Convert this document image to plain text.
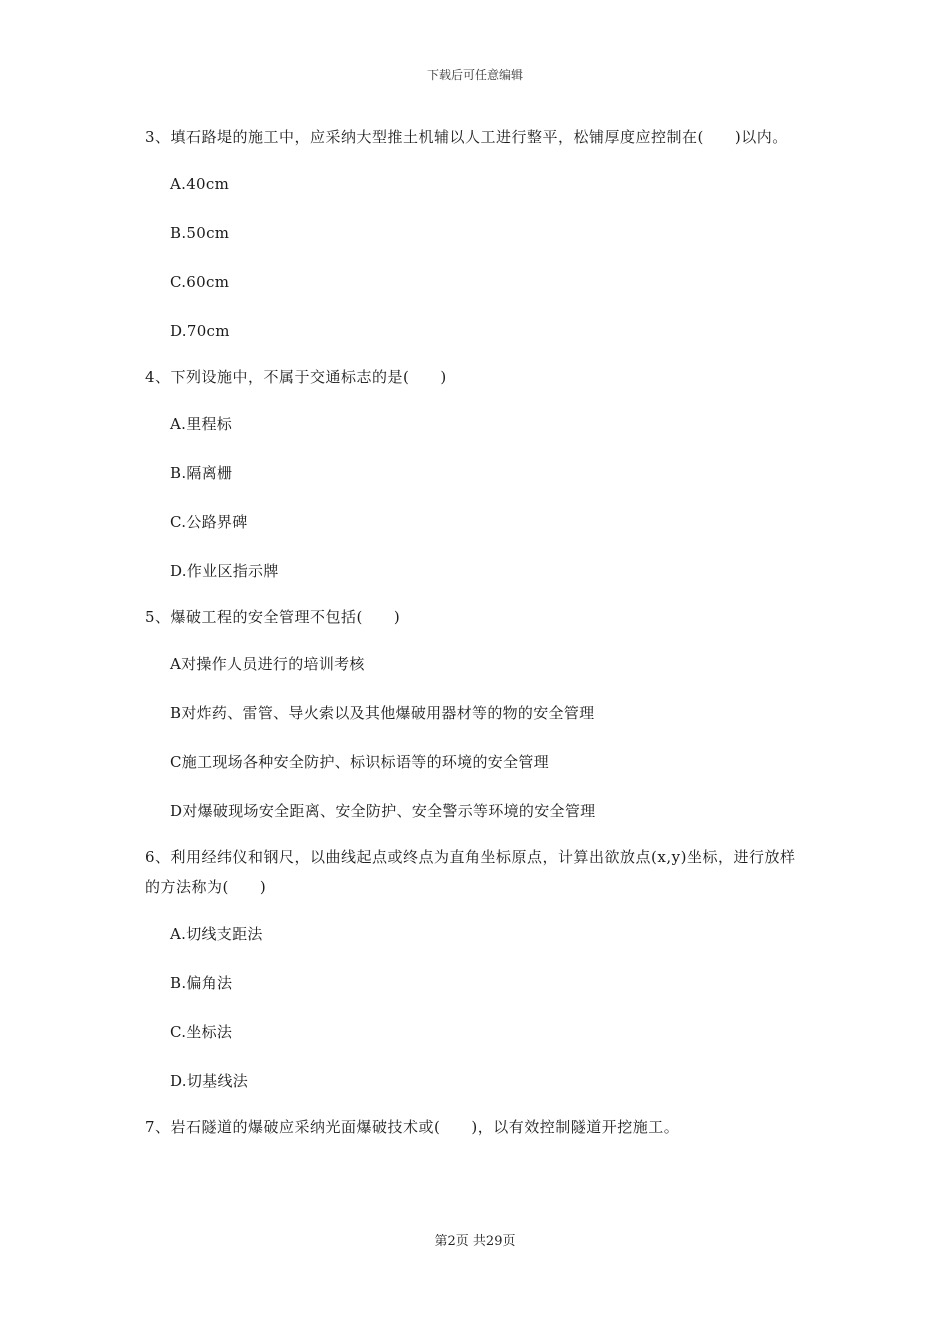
下载后可任意编辑

3、填石路堤的施工中，应采纳大型推土机辅以人工进行整平，松铺厚度应控制在(　　)以内。

A.40cm
B.50cm
C.60cm
D.70cm

4、下列设施中，不属于交通标志的是(　　)

A.里程标
B.隔离栅
C.公路界碑
D.作业区指示牌

5、爆破工程的安全管理不包括(　　)

A对操作人员进行的培训考核
B对炸药、雷管、导火索以及其他爆破用器材等的物的安全管理
C施工现场各种安全防护、标识标语等的环境的安全管理
D对爆破现场安全距离、安全防护、安全警示等环境的安全管理

6、利用经纬仪和钢尺，以曲线起点或终点为直角坐标原点，计算出欲放点(x,y)坐标，进行放样的方法称为(　　)

A.切线支距法
B.偏角法
C.坐标法
D.切基线法

7、岩石隧道的爆破应采纳光面爆破技术或(　　)，以有效控制隧道开挖施工。

第2页 共29页
